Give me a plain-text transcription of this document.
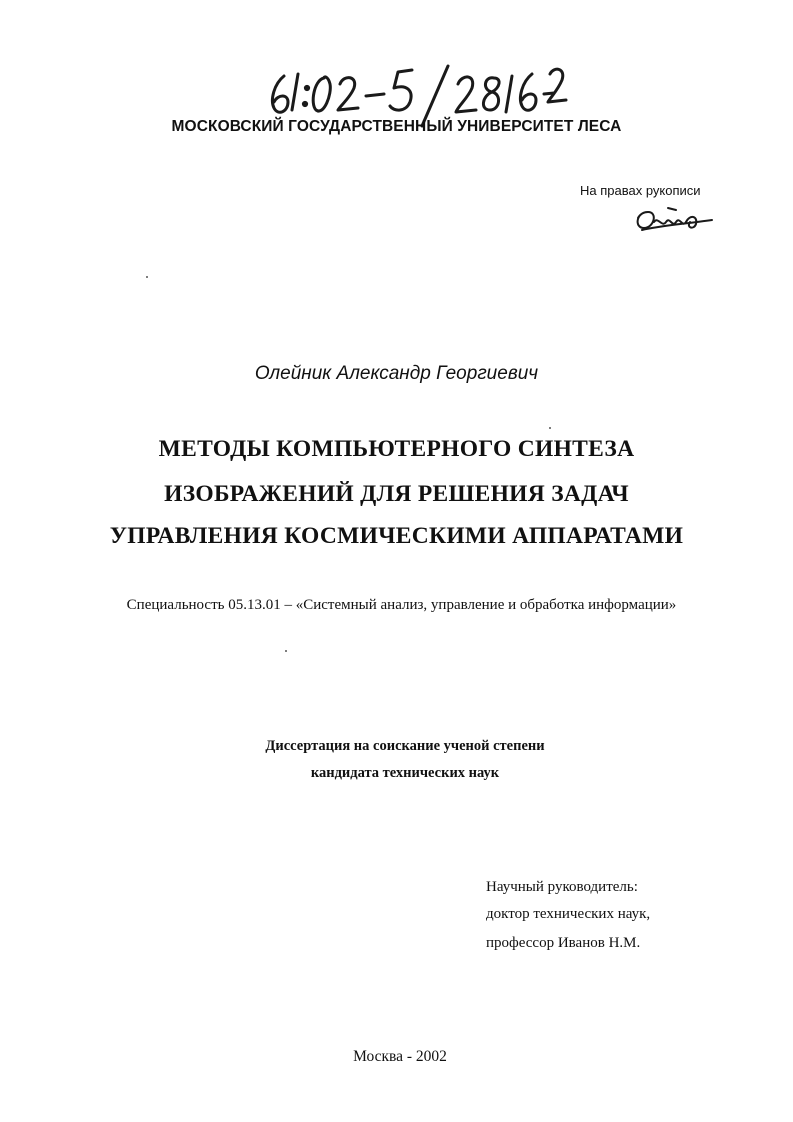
МОСКОВСКИЙ ГОСУДАРСТВЕННЫЙ УНИВЕРСИТЕТ ЛЕСА
На правах рукописи
Олейник Александр Георгиевич
МЕТОДЫ КОМПЬЮТЕРНОГО СИНТЕЗА
ИЗОБРАЖЕНИЙ ДЛЯ РЕШЕНИЯ ЗАДАЧ
УПРАВЛЕНИЯ КОСМИЧЕСКИМИ АППАРАТАМИ
Специальность 05.13.01 – «Системный анализ, управление и обработка информации»
Диссертация на соискание ученой степени
кандидата технических наук
Научный руководитель:
доктор технических наук,
профессор Иванов Н.М.
Москва - 2002
